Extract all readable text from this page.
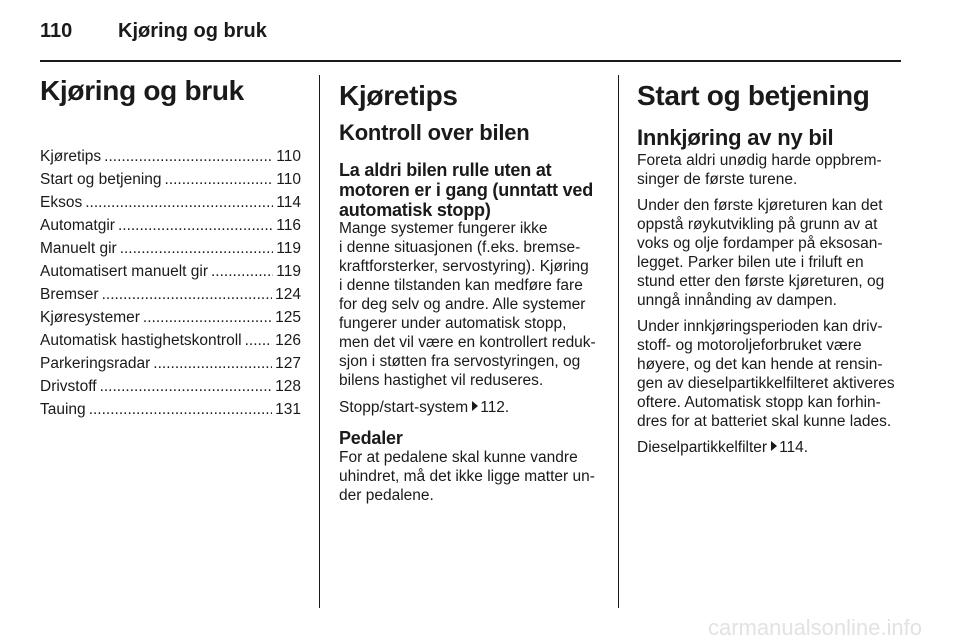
110	Kjøring og bruk
Kjøring og bruk
Kjøretips .....	110
Start og betjening .....	110
Eksos .....	114
Automatgir .....	116
Manuelt gir .....	119
Automatisert manuelt gir .....	119
Bremser .....	124
Kjøresystemer .....	125
Automatisk hastighetskontroll ..... 126
Parkeringsradar .....	127
Drivstoff .....	128
Tauing .....	131
Kjøretips
Kontroll over bilen
La aldri bilen rulle uten at
motoren er i gang (unntatt ved
automatisk stopp)

Mange systemer fungerer ikke
i denne situasjonen (f.eks. bremse-
kraftforsterker, servostyring). Kjøring
i denne tilstanden kan medføre fare
for deg selv og andre. Alle systemer
fungerer under automatisk stopp,
men det vil være en kontrollert reduk-
sjon i støtten fra servostyringen, og
bilens hastighet vil reduseres.

Stopp/start-system 112.

Pedaler

For at pedalene skal kunne vandre
uhindret, må det ikke ligge matter un-
der pedalene.

Start og betjening
Innkjøring av ny bil

Foreta aldri unødig harde oppbrem-
singer de første turene.

Under den første kjøreturen kan det
oppstå røykutvikling på grunn av at
voks og olje fordamper på eksosan-
legget. Parker bilen ute i friluft en
stund etter den første kjøreturen, og
unngå innånding av dampen.

Under innkjøringsperioden kan driv-
stoff- og motoroljeforbruket være
høyere, og det kan hende at rensin-
gen av dieselpartikkelfilteret aktiveres
oftere. Automatisk stopp kan forhin-
dres for at batteriet skal kunne lades.

Dieselpartikkelfilter 114.

carmanualsonline.info
